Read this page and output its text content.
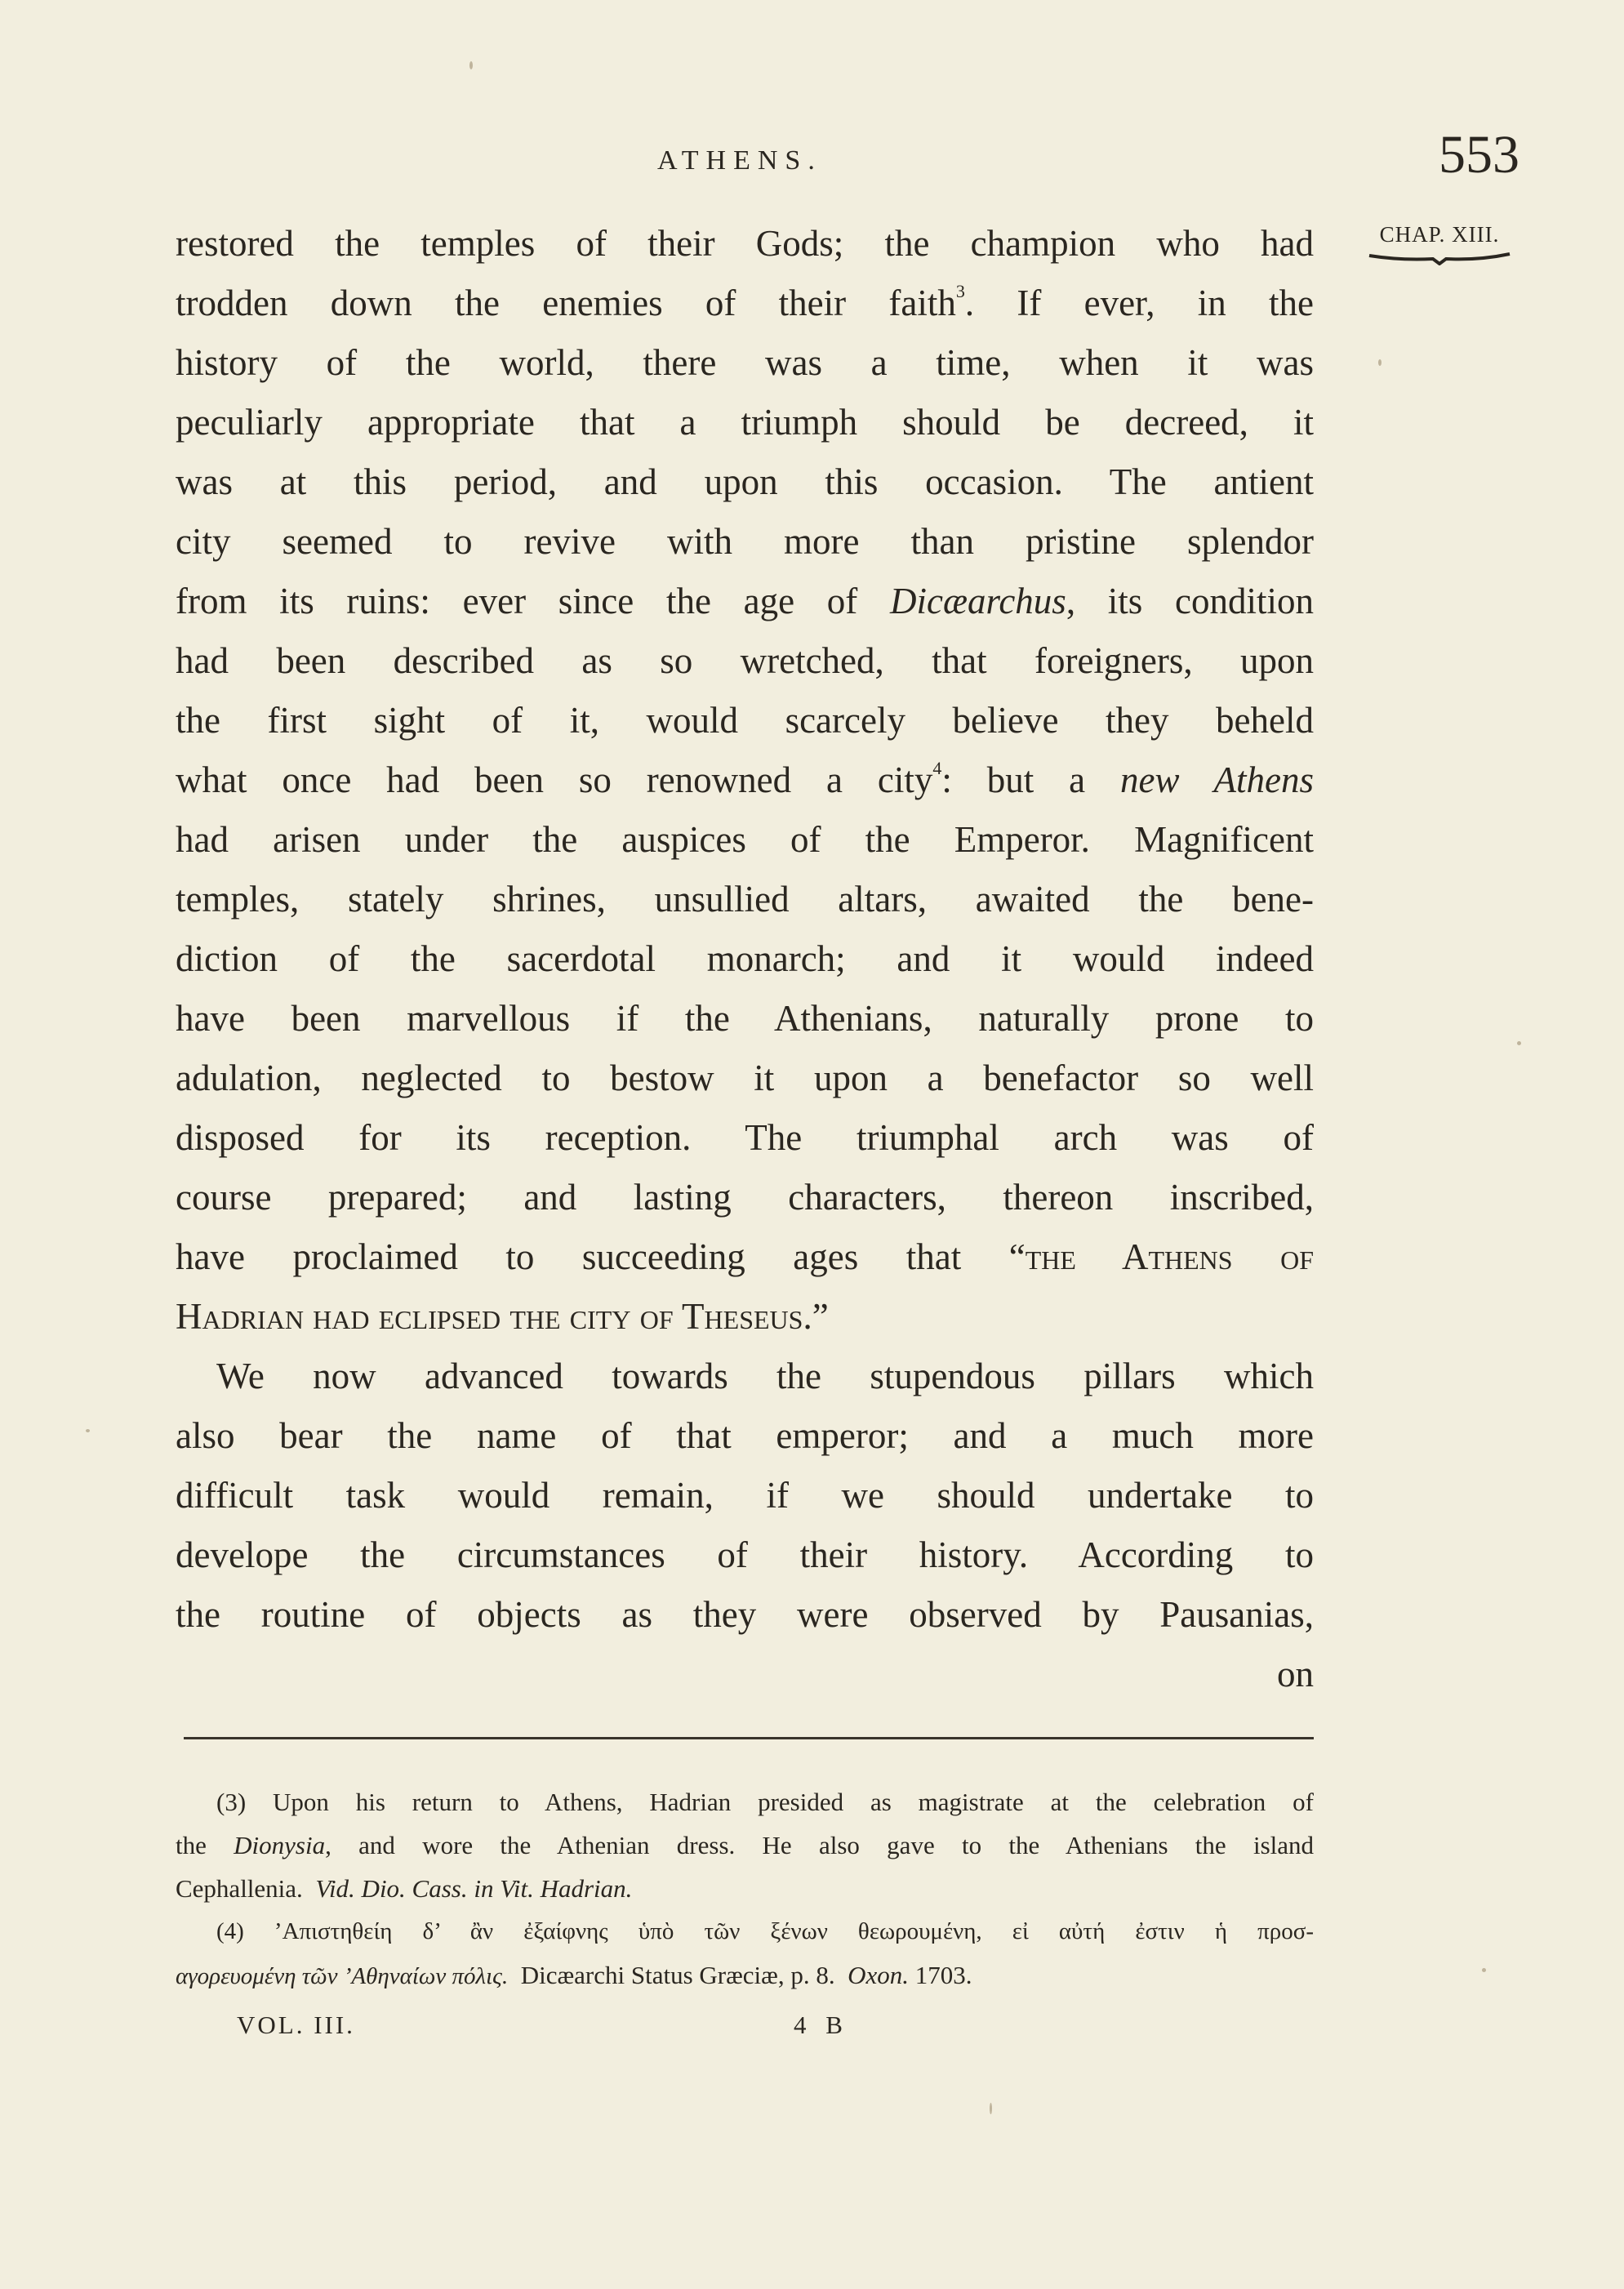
ATHENS.	553
CHAP. XIII.
restored the temples of their Gods; the champion who had
trodden down the enemies of their faith$^3$. If ever, in the
history of the world, there was a time, when it was
peculiarly appropriate that a triumph should be decreed, it
was at this period, and upon this occasion. The antient
city seemed to revive with more than pristine splendor
from its ruins: ever since the age of Dicæarchus, its condition
had been described as so wretched, that foreigners, upon
the first sight of it, would scarcely believe they beheld
what once had been so renowned a city$^4$: but a new Athens
had arisen under the auspices of the Emperor. Magnificent
temples, stately shrines, unsullied altars, awaited the bene-
diction of the sacerdotal monarch; and it would indeed
have been marvellous if the Athenians, naturally prone to
adulation, neglected to bestow it upon a benefactor so well
disposed for its reception. The triumphal arch was of
course prepared; and lasting characters, thereon inscribed,
have proclaimed to succeeding ages that “the Athens of
Hadrian had eclipsed the city of Theseus.”
We now advanced towards the stupendous pillars which
also bear the name of that emperor; and a much more
difficult task would remain, if we should undertake to
develope the circumstances of their history. According to
the routine of objects as they were observed by Pausanias,
on
(3) Upon his return to Athens, Hadrian presided as magistrate at the celebration of
the Dionysia, and wore the Athenian dress. He also gave to the Athenians the island
Cephallenia. Vid. Dio. Cass. in Vit. Hadrian.
(4) ’Απιστηθείη δ’ ἂν ἐξαίφνης ὑπὸ τῶν ξένων θεωρουμένη, εἰ αὐτή ἐστιν ἡ προσ-
αγορευομένη τῶν ’Αθηναίων πόλις. Dicæarchi Status Græciæ, p. 8. Oxon. 1703.
VOL. III.	4 B
